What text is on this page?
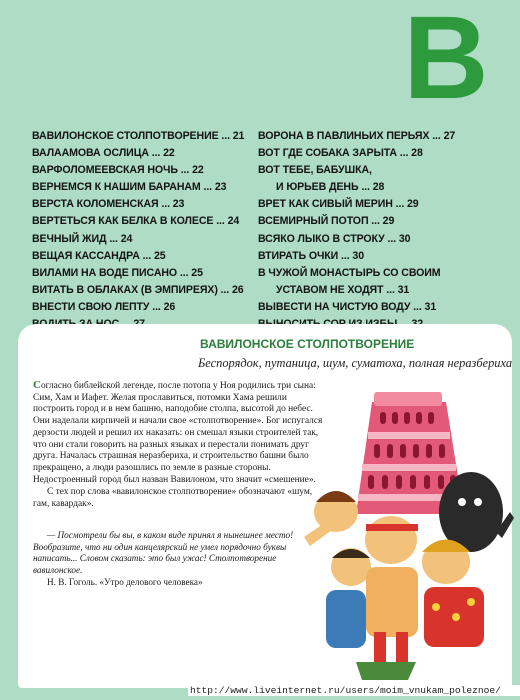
В
ВАВИЛОНСКОЕ СТОЛПОТВОРЕНИЕ ... 21
ВАЛААМОВА ОСЛИЦА ... 22
ВАРФОЛОМЕЕВСКАЯ НОЧЬ ... 22
ВЕРНЕМСЯ К НАШИМ БАРАНАМ ... 23
ВЕРСТА КОЛОМЕНСКАЯ ... 23
ВЕРТЕТЬСЯ КАК БЕЛКА В КОЛЕСЕ ... 24
ВЕЧНЫЙ ЖИД ... 24
ВЕЩАЯ КАССАНДРА ... 25
ВИЛАМИ НА ВОДЕ ПИСАНО ... 25
ВИТАТЬ В ОБЛАКАХ (В ЭМПИРЕЯХ) ... 26
ВНЕСТИ СВОЮ ЛЕПТУ ... 26
ВОРОНА В ПАВЛИНЬИХ ПЕРЬЯХ ... 27
ВОТ ГДЕ СОБАКА ЗАРЫТА ... 28
ВОТ ТЕБЕ, БАБУШКА,
И ЮРЬЕВ ДЕНЬ ... 28
ВРЕТ КАК СИВЫЙ МЕРИН ... 29
ВСЕМИРНЫЙ ПОТОП ... 29
ВСЯКО ЛЫКО В СТРОКУ ... 30
ВТИРАТЬ ОЧКИ ... 30
В ЧУЖОЙ МОНАСТЫРЬ СО СВОИМ
УСТАВОМ НЕ ХОДЯТ ... 31
ВЫВЕСТИ НА ЧИСТУЮ ВОДУ ... 31
ВАВИЛОНСКОЕ СТОЛПОТВОРЕНИЕ
Беспорядок, путаница, шум, суматоха, полная неразбериха

Согласно библейской легенде, после потопа у Ноя родились три сына: Сим, Хам и Иафет. Желая прославиться, потомки Хама решили построить город и в нем башню, наподобие столпа, высотой до небес. Они наделали кирпичей и начали свое «столпотворение». Бог испугался дерзости людей и решил их наказать: он смешал языки строителей так, что они стали говорить на разных языках и перестали понимать друг друга. Началась страшная неразбериха, и строительство башни было прекращено, а люди разошлись по земле в разные стороны. Недостроенный город был назван Вавилоном, что значит «смешение».

С тех пор слова «вавилонское столпотворение» обозначают «шум, гам, кавардак».

— Посмотрели бы вы, в каком виде принял я нынешнее место! Вообразите, что ни один канцелярский не умел порядочно буквы написать... Словом сказать: это был ужас! Столпотворение вавилонское.
Н. В. Гоголь. «Утро делового человека»
http://www.liveinternet.ru/users/moim_vnukam_poleznoe/
